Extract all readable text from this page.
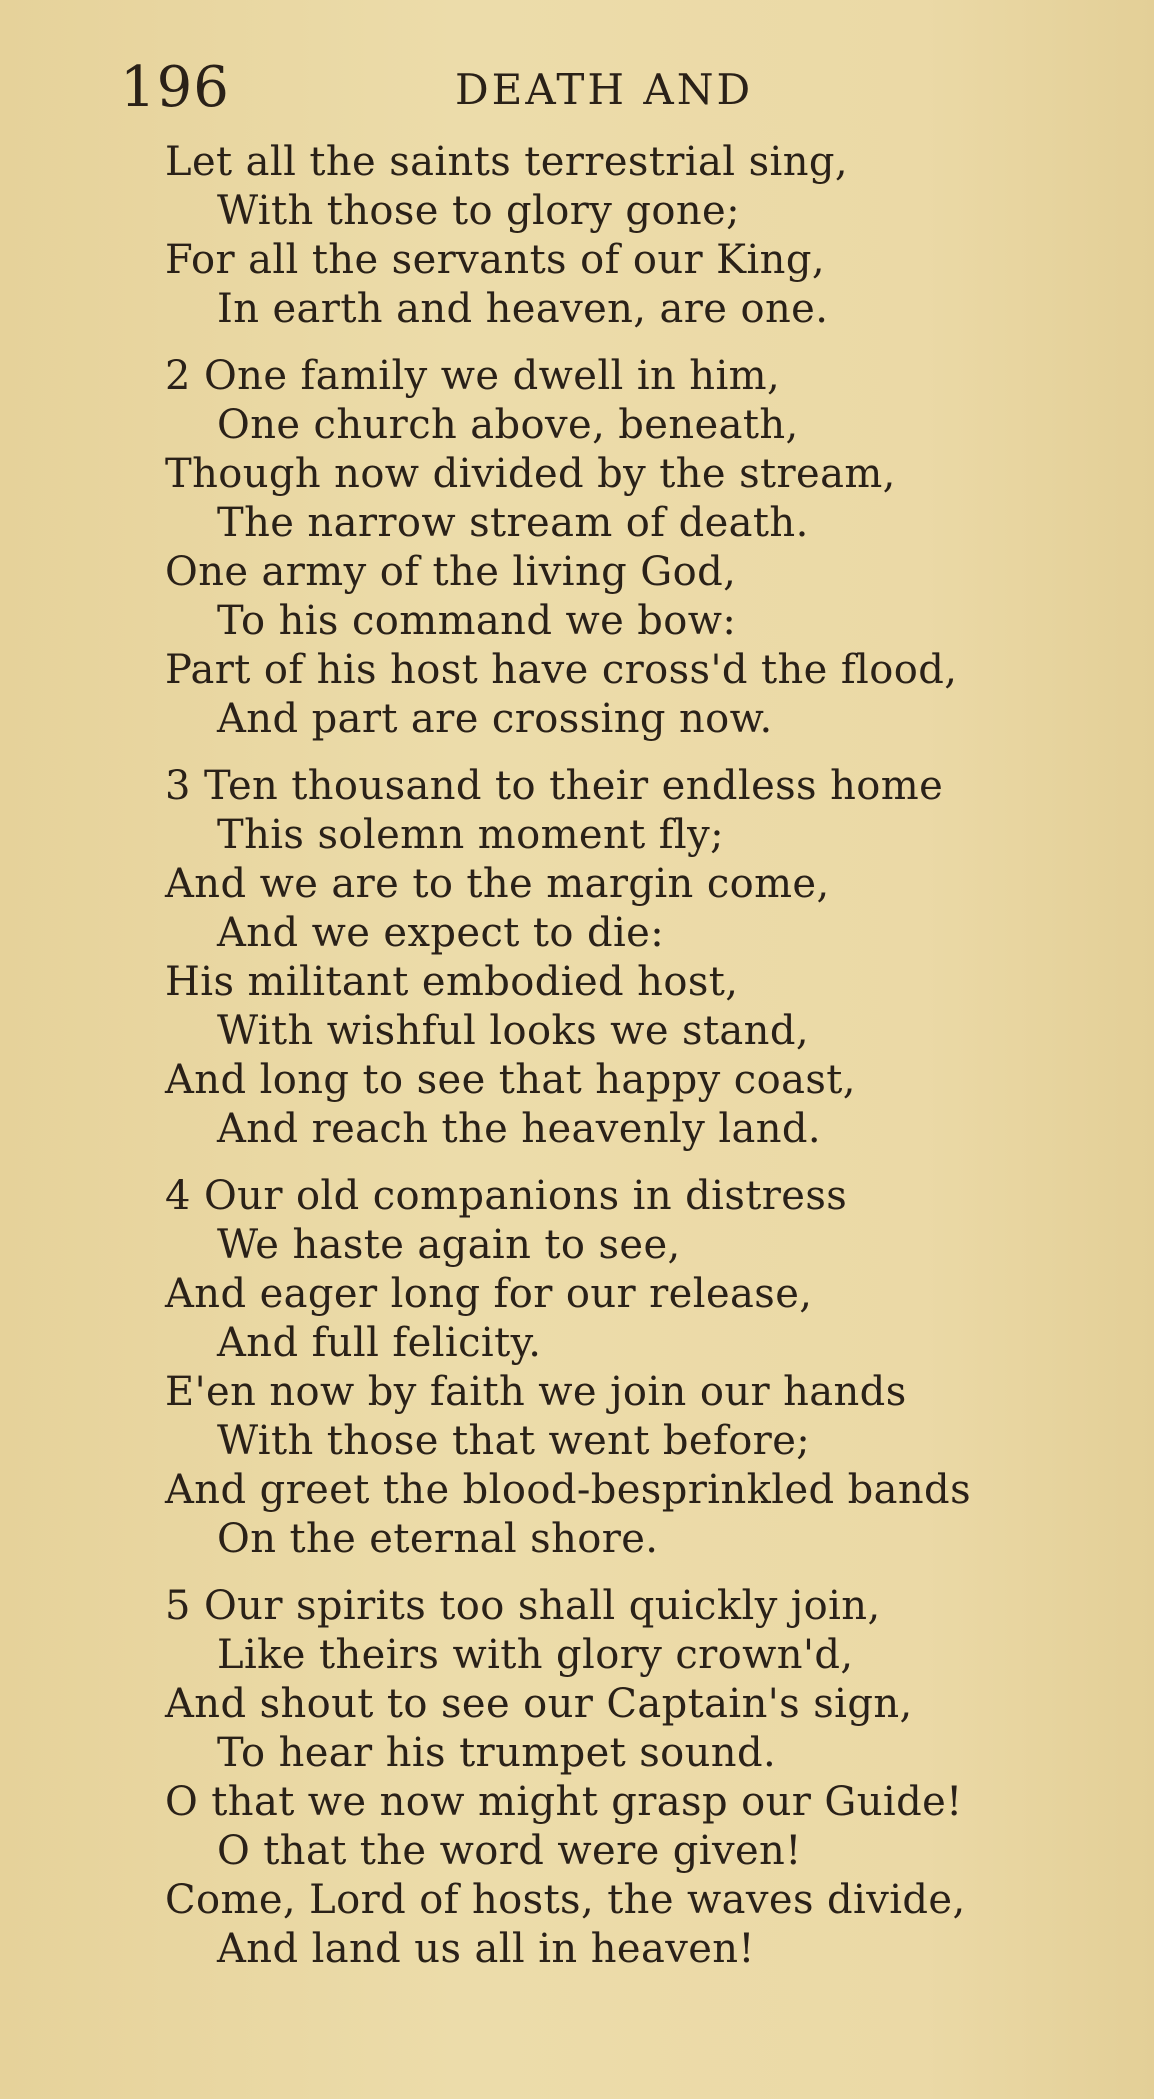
196	DEATH AND
Let all the saints terrestrial sing,
With those to glory gone;
For all the servants of our King,
In earth and heaven, are one.
2 One family we dwell in him,
One church above, beneath,
Though now divided by the stream,
The narrow stream of death.
One army of the living God,
To his command we bow:
Part of his host have cross'd the flood,
And part are crossing now.
3 Ten thousand to their endless home
This solemn moment fly;
And we are to the margin come,
And we expect to die:
His militant embodied host,
With wishful looks we stand,
And long to see that happy coast,
And reach the heavenly land.
4 Our old companions in distress
We haste again to see,
And eager long for our release,
And full felicity.
E'en now by faith we join our hands
With those that went before;
And greet the blood-besprinkled bands
On the eternal shore.
5 Our spirits too shall quickly join,
Like theirs with glory crown'd,
And shout to see our Captain's sign,
To hear his trumpet sound.
O that we now might grasp our Guide!
O that the word were given!
Come, Lord of hosts, the waves divide,
And land us all in heaven!
